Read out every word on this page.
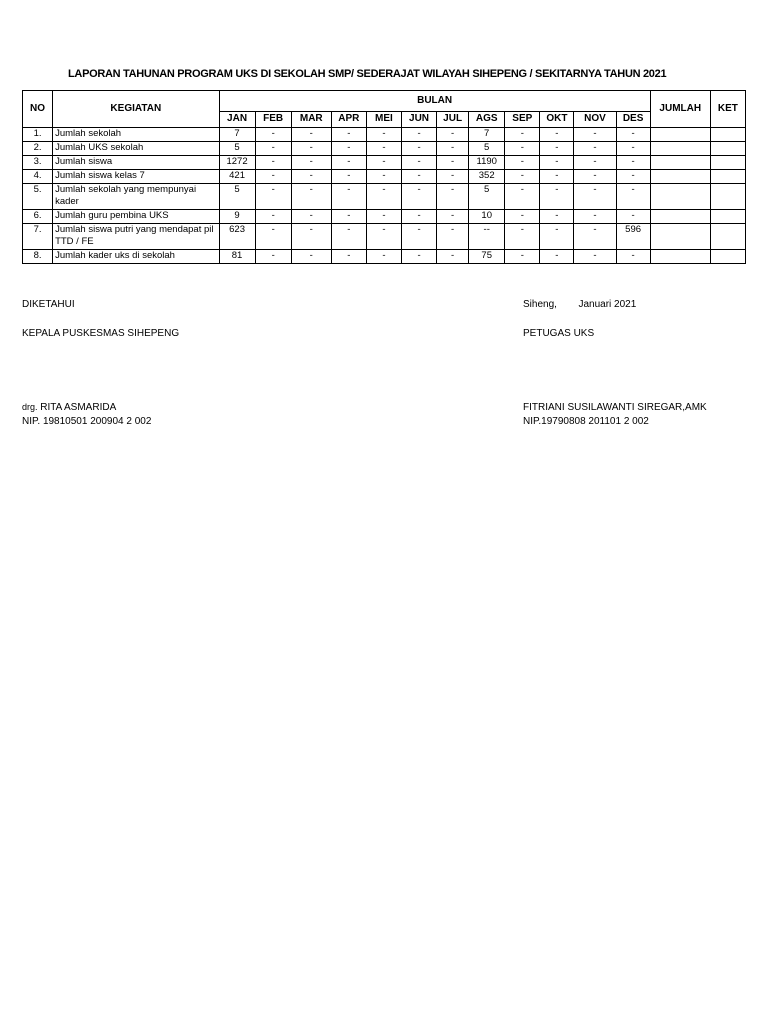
LAPORAN TAHUNAN PROGRAM UKS DI SEKOLAH SMP/ SEDERAJAT WILAYAH SIHEPENG / SEKITARNYA TAHUN 2021
NO	KEGIATAN	BULAN												JUMLAH	KET
		JAN	FEB	MAR	APR	MEI	JUN	JUL	AGS	SEP	OKT	NOV	DES		
1.	Jumlah sekolah	7	-	-	-	-	-	-	7	-	-	-	-		
2.	Jumlah UKS sekolah	5	-	-	-	-	-	-	5	-	-	-	-		
3.	Jumlah siswa	1272	-	-	-	-	-	-	1190	-	-	-	-		
4.	Jumlah siswa kelas 7	421	-	-	-	-	-	-	352	-	-	-	-		
5.	Jumlah sekolah yang mempunyai kader	5	-	-	-	-	-	-	5	-	-	-	-		
6.	Jumlah guru pembina UKS	9	-	-	-	-	-	-	10	-	-	-	-		
7.	Jumlah siswa putri yang mendapat pil TTD / FE	623	-	-	-	-	-	-	--	-	-	-	596		
8.	Jumlah kader uks di sekolah	81	-	-	-	-	-	-	75	-	-	-	-		
DIKETAHUI
KEPALA PUSKESMAS SIHEPENG
drg. RITA ASMARIDA
NIP. 19810501 200904 2 002
Siheng, Januari 2021
PETUGAS UKS
FITRIANI SUSILAWANTI SIREGAR,AMK
NIP.19790808 201101 2 002
